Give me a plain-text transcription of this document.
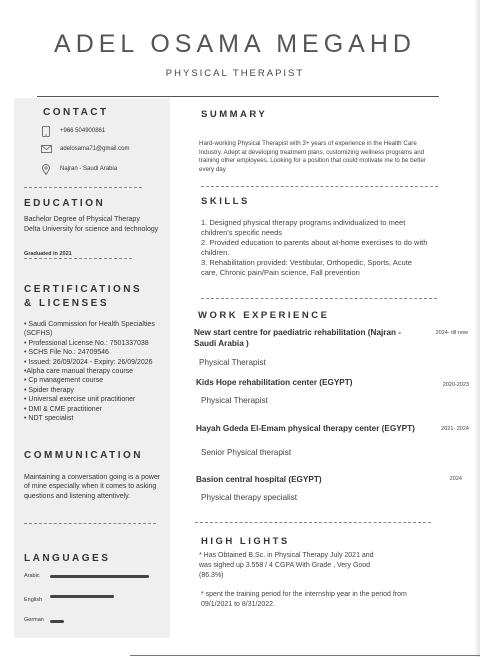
ADEL OSAMA MEGAHD
PHYSICAL THERAPIST
CONTACT
+966 504900861
adelosama71@gmail.com
Najran - Saudi Arabia
EDUCATION
Bachelor Degree of Physical Therapy
Delta University for science and technology
Graduated in 2021
CERTIFICATIONS
& LICENSES
• Saudi Commission for Health Specialties (SCFHS)
• Professional License No.: 7501337038
• SCHS File No.: 24709546
• Issued: 26/09/2024 - Expiry: 26/09/2026
•Alpha care manual therapy course
• Cp management course
• Spider therapy
• Universal exercise unit practitioner
• DMI & CME practitioner
• NDT specialist
COMMUNICATION
Maintaining a conversation going is a power of mine especially when it comes to asking questions and listening attentively.
LANGUAGES
Arabic
English
German
SUMMARY
Hard-working Physical Therapist with 3+ years of experience in the Health Care Industry. Adept at developing treatment plans, customizing wellness programs and training other employees. Looking for a position that could motivate me to be better every day
SKILLS
1. Designed physical therapy programs individualized to meet children's specific needs
2. Provided education to parents about at-home exercises to do with children.
3. Rehabilitation provided: Vestibular, Orthopedic, Sports, Acute care, Chronic pain/Pain science, Fall prevention
WORK EXPERIENCE
New start centre for paediatric rehabilitation (Najran - Saudi Arabia )
2024- till now
Physical Therapist
Kids Hope rehabilitation center (EGYPT)	2020-2023
Physical Therapist
Hayah Gdeda El-Emam physical therapy center (EGYPT)	2021- 2024
Senior Physical therapist
Basion central hospital (EGYPT)	2024
Physical therapy specialist
HIGH LIGHTS
* Has Obtained B.Sc. in Physical Therapy July 2021 and was sighed up 3.558 / 4 CGPA With Grade , Very Good (86.3%)
* spent the training period for the internship year in the period from 09/1/2021 to 8/31/2022.
